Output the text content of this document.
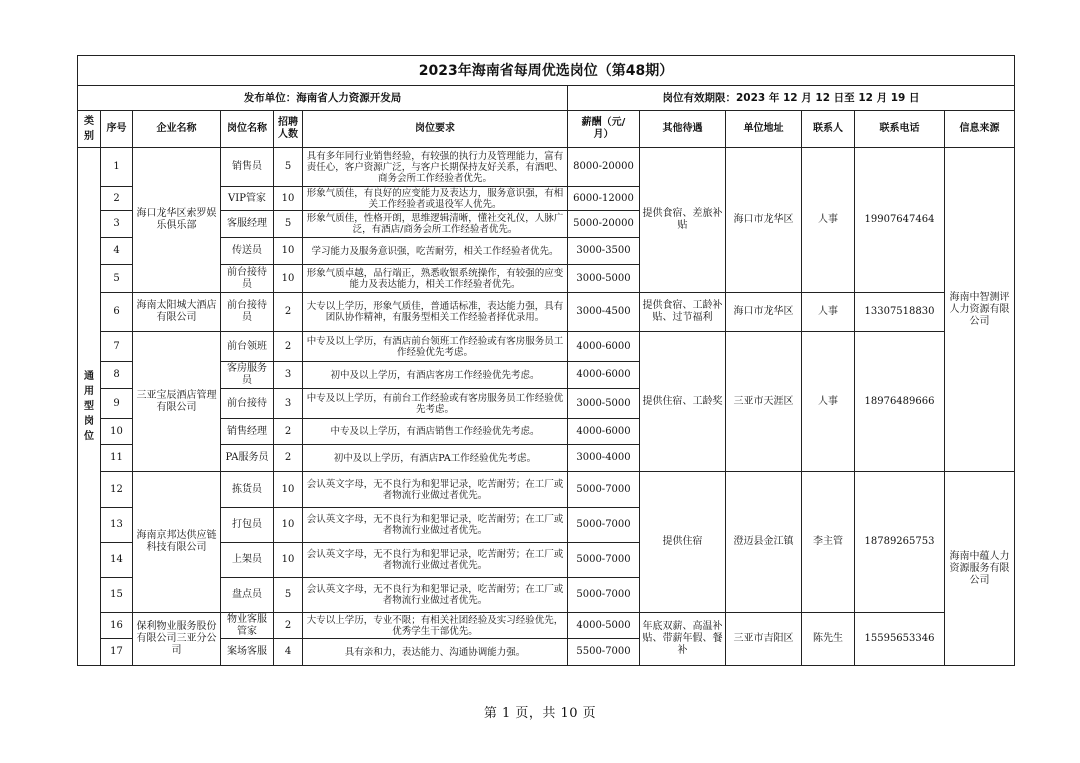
2023年海南省每周优选岗位（第48期）											
发布单位：海南省人力资源开发局						岗位有效期限：2023 年 12 月 12 日至 12 月 19 日					
类别	序号	企业名称	岗位名称	招聘人数	岗位要求	薪酬（元/月）	其他待遇	单位地址	联系人	联系电话	信息来源
通用型岗位	1	海口龙华区索罗娱乐俱乐部	销售员	5	具有多年同行业销售经验，有较强的执行力及管理能力，富有责任心，客户资源广泛，与客户长期保持友好关系，有酒吧、商务会所工作经验者优先。	8000-20000	提供食宿、差旅补贴	海口市龙华区	人事	19907647464	海南中智测评人力资源有限公司
	2		VIP管家	10	形象气质佳，有良好的应变能力及表达力，服务意识强，有相关工作经验者或退役军人优先。	6000-12000					
	3		客服经理	5	形象气质佳，性格开朗，思维逻辑清晰，懂社交礼仪，人脉广泛，有酒店/商务会所工作经验者优先。	5000-20000					
	4		传送员	10	学习能力及服务意识强，吃苦耐劳，相关工作经验者优先。	3000-3500					
	5		前台接待员	10	形象气质卓越，品行端正，熟悉收银系统操作，有较强的应变能力及表达能力，相关工作经验者优先。	3000-5000					
	6	海南太阳城大酒店有限公司	前台接待员	2	大专以上学历，形象气质佳，普通话标准，表达能力强，具有团队协作精神，有服务型相关工作经验者择优录用。	3000-4500	提供食宿、工龄补贴、过节福利	海口市龙华区	人事	13307518830	
	7	三亚宝辰酒店管理有限公司	前台领班	2	中专及以上学历，有酒店前台领班工作经验或有客房服务员工作经验优先考虑。	4000-6000	提供住宿、工龄奖	三亚市天涯区	人事	18976489666	
	8		客房服务员	3	初中及以上学历，有酒店客房工作经验优先考虑。	4000-6000					
	9		前台接待	3	中专及以上学历，有前台工作经验或有客房服务员工作经验优先考虑。	3000-5000					
	10		销售经理	2	中专及以上学历，有酒店销售工作经验优先考虑。	4000-6000					
	11		PA服务员	2	初中及以上学历，有酒店PA工作经验优先考虑。	3000-4000					
	12	海南京邦达供应链科技有限公司	拣货员	10	会认英文字母，无不良行为和犯罪记录，吃苦耐劳；在工厂或者物流行业做过者优先。	5000-7000	提供住宿	澄迈县金江镇	李主管	18789265753	海南中蕴人力资源服务有限公司
	13		打包员	10	会认英文字母，无不良行为和犯罪记录，吃苦耐劳；在工厂或者物流行业做过者优先。	5000-7000					
	14		上架员	10	会认英文字母，无不良行为和犯罪记录，吃苦耐劳；在工厂或者物流行业做过者优先。	5000-7000					
	15		盘点员	5	会认英文字母，无不良行为和犯罪记录，吃苦耐劳；在工厂或者物流行业做过者优先。	5000-7000					
	16	保利物业服务股份有限公司三亚分公司	物业客服管家	2	大专以上学历，专业不限；有相关社团经验及实习经验优先，优秀学生干部优先。	4000-5000	年底双薪、高温补贴、带薪年假、餐补	三亚市吉阳区	陈先生	15595653346	
	17		案场客服	4	具有亲和力，表达能力、沟通协调能力强。	5500-7000					
第 1 页，共 10 页
